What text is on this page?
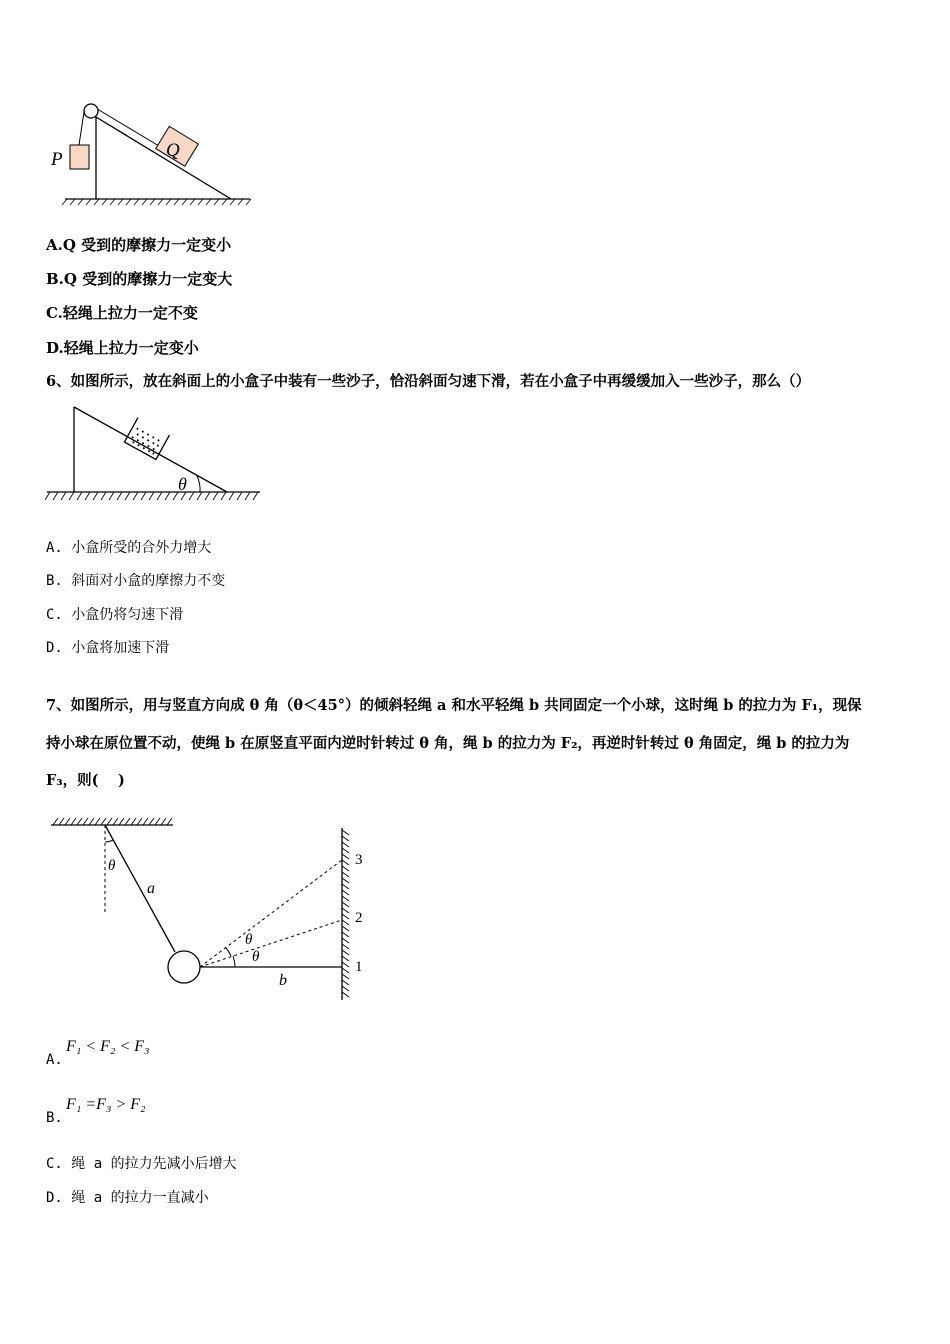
P	Q
A.Q 受到的摩擦力一定变小
B.Q 受到的摩擦力一定变大
C.轻绳上拉力一定不变
D.轻绳上拉力一定变小
6、如图所示，放在斜面上的小盒子中装有一些沙子，恰沿斜面匀速下滑，若在小盒子中再缓缓加入一些沙子，那么（）
θ
A. 小盒所受的合外力增大
B. 斜面对小盒的摩擦力不变
C. 小盒仍将匀速下滑
D. 小盒将加速下滑
7、如图所示，用与竖直方向成 θ 角（θ＜45°）的倾斜轻绳 a 和水平轻绳 b 共同固定一个小球，这时绳 b 的拉力为 F₁，现保
持小球在原位置不动，使绳 b 在原竖直平面内逆时针转过 θ 角，绳 b 的拉力为 F₂，再逆时针转过 θ 角固定，绳 b 的拉力为
F₃，则(　 )
θ
a
θ
θ
b
3
2
1
A.
F₁ < F₂ < F₃
B.
F₁ =F₃ > F₂
C. 绳 a 的拉力先减小后增大
D. 绳 a 的拉力一直减小
